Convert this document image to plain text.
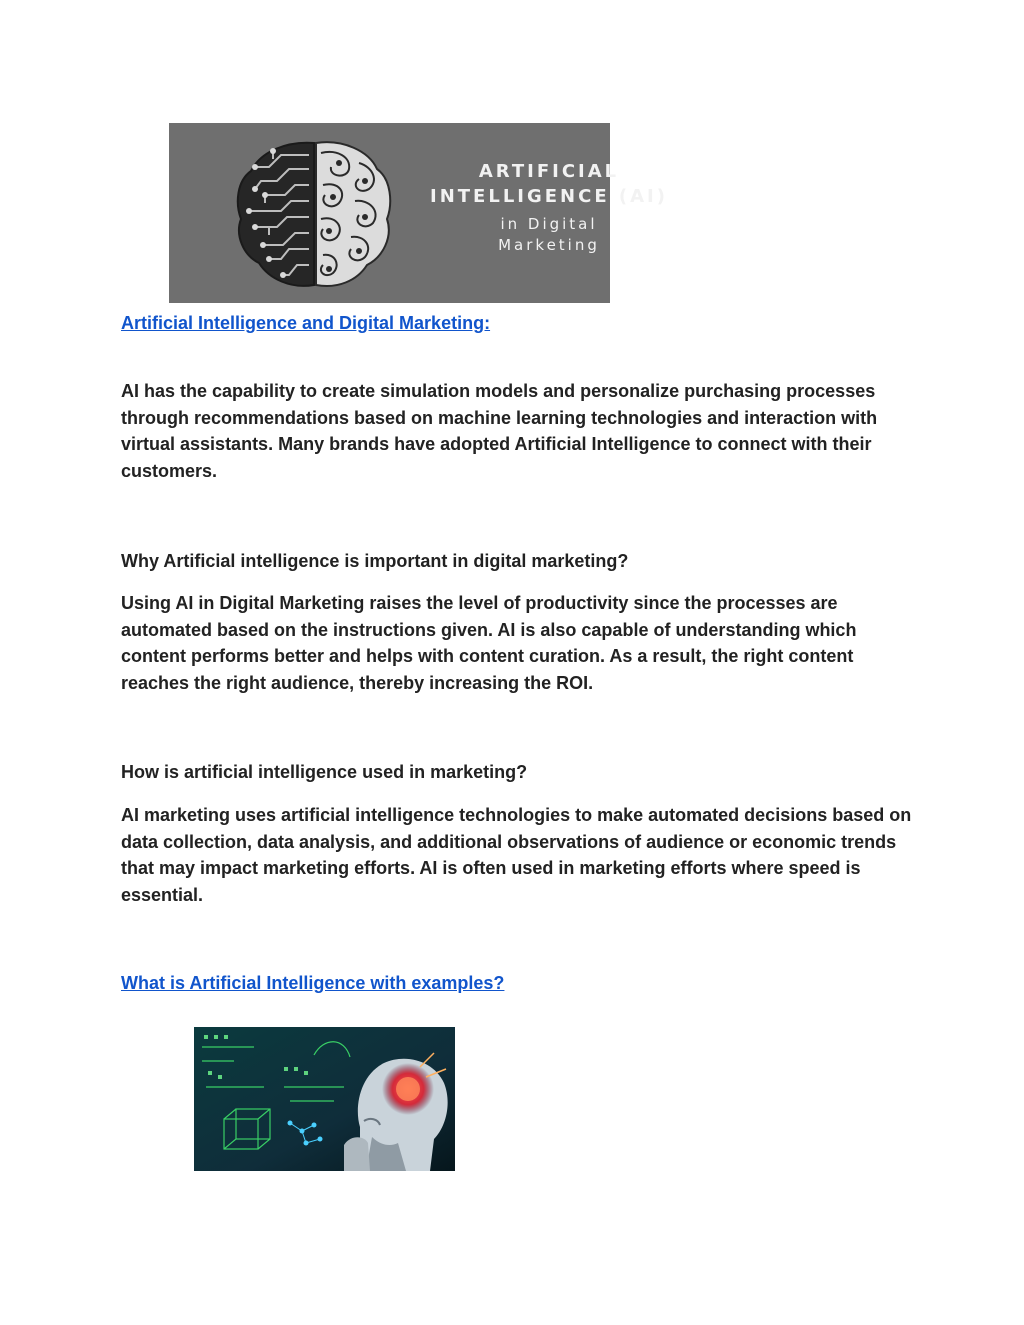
ARTIFICIAL
INTELLIGENCE (AI)
in Digital
Marketing
Artificial Intelligence and Digital Marketing:

AI has the capability to create simulation models and personalize purchasing processes through recommendations based on machine learning technologies and interaction with virtual assistants. Many brands have adopted Artificial Intelligence to connect with their customers.

Why Artificial intelligence is important in digital marketing?

Using AI in Digital Marketing raises the level of productivity since the processes are automated based on the instructions given. AI is also capable of understanding which content performs better and helps with content curation. As a result, the right content reaches the right audience, thereby increasing the ROI.

How is artificial intelligence used in marketing?

AI marketing uses artificial intelligence technologies to make automated decisions based on data collection, data analysis, and additional observations of audience or economic trends that may impact marketing efforts. AI is often used in marketing efforts where speed is essential.

What is Artificial Intelligence with examples?
